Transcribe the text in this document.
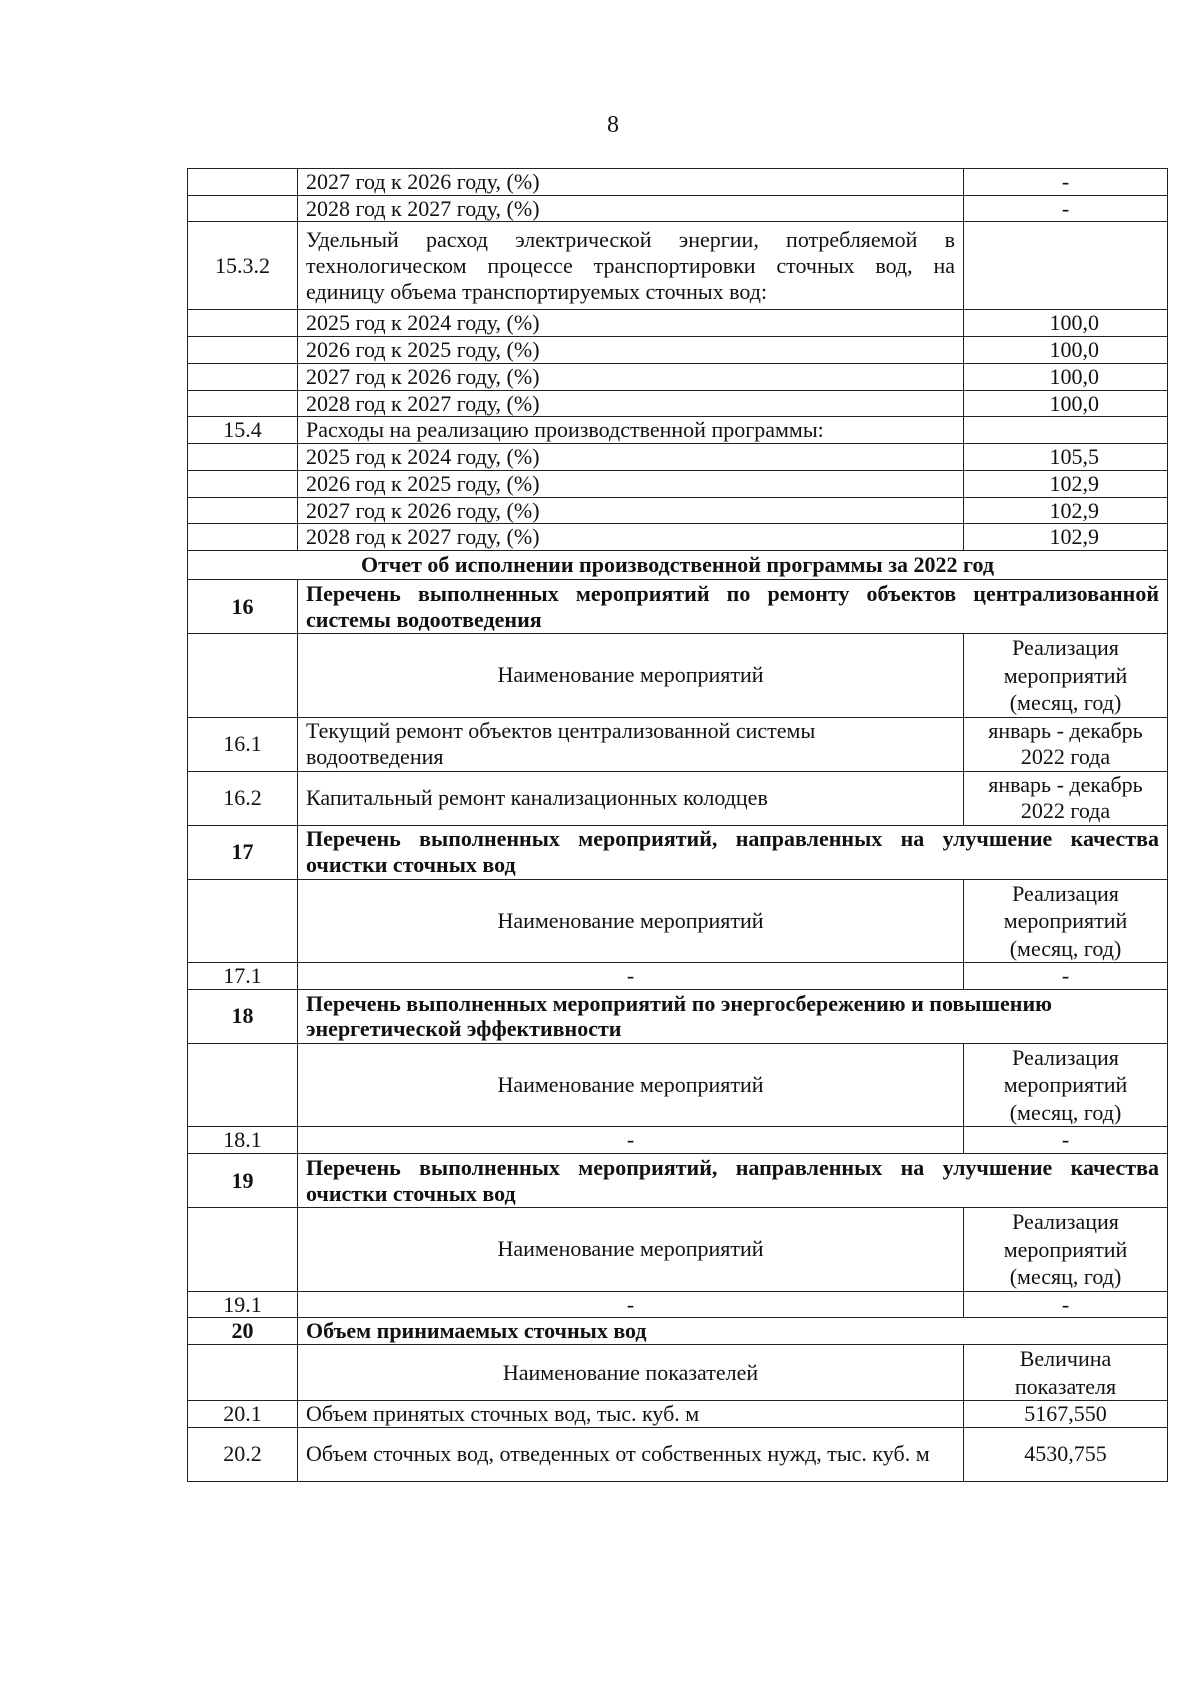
8
	2027 год к 2026 году, (%)	-
	2028 год к 2027 году, (%)	-
15.3.2	Удельный расход электрической энергии, потребляемой в технологическом процессе транспортировки сточных вод, на единицу объема транспортируемых сточных вод:	
	2025 год к 2024 году, (%)	100,0
	2026 год к 2025 году, (%)	100,0
	2027 год к 2026 году, (%)	100,0
	2028 год к 2027 году, (%)	100,0
15.4	Расходы на реализацию производственной программы:	
	2025 год к 2024 году, (%)	105,5
	2026 год к 2025 году, (%)	102,9
	2027 год к 2026 году, (%)	102,9
	2028 год к 2027 году, (%)	102,9
Отчет об исполнении производственной программы за 2022 год		
16	Перечень выполненных мероприятий по ремонту объектов централизованной системы водоотведения	
	Наименование мероприятий	Реализация мероприятий (месяц, год)
16.1	Текущий ремонт объектов централизованной системы водоотведения	январь - декабрь 2022 года
16.2	Капитальный ремонт канализационных колодцев	январь - декабрь 2022 года
17	Перечень выполненных мероприятий, направленных на улучшение качества очистки сточных вод	
	Наименование мероприятий	Реализация мероприятий (месяц, год)
17.1	-	-
18	Перечень выполненных мероприятий по энергосбережению и повышению энергетической эффективности	
	Наименование мероприятий	Реализация мероприятий (месяц, год)
18.1	-	-
19	Перечень выполненных мероприятий, направленных на улучшение качества очистки сточных вод	
	Наименование мероприятий	Реализация мероприятий (месяц, год)
19.1	-	-
20	Объем принимаемых сточных вод	
	Наименование показателей	Величина показателя
20.1	Объем принятых сточных вод, тыс. куб. м	5167,550
20.2	Объем сточных вод, отведенных от собственных нужд, тыс. куб. м	4530,755
